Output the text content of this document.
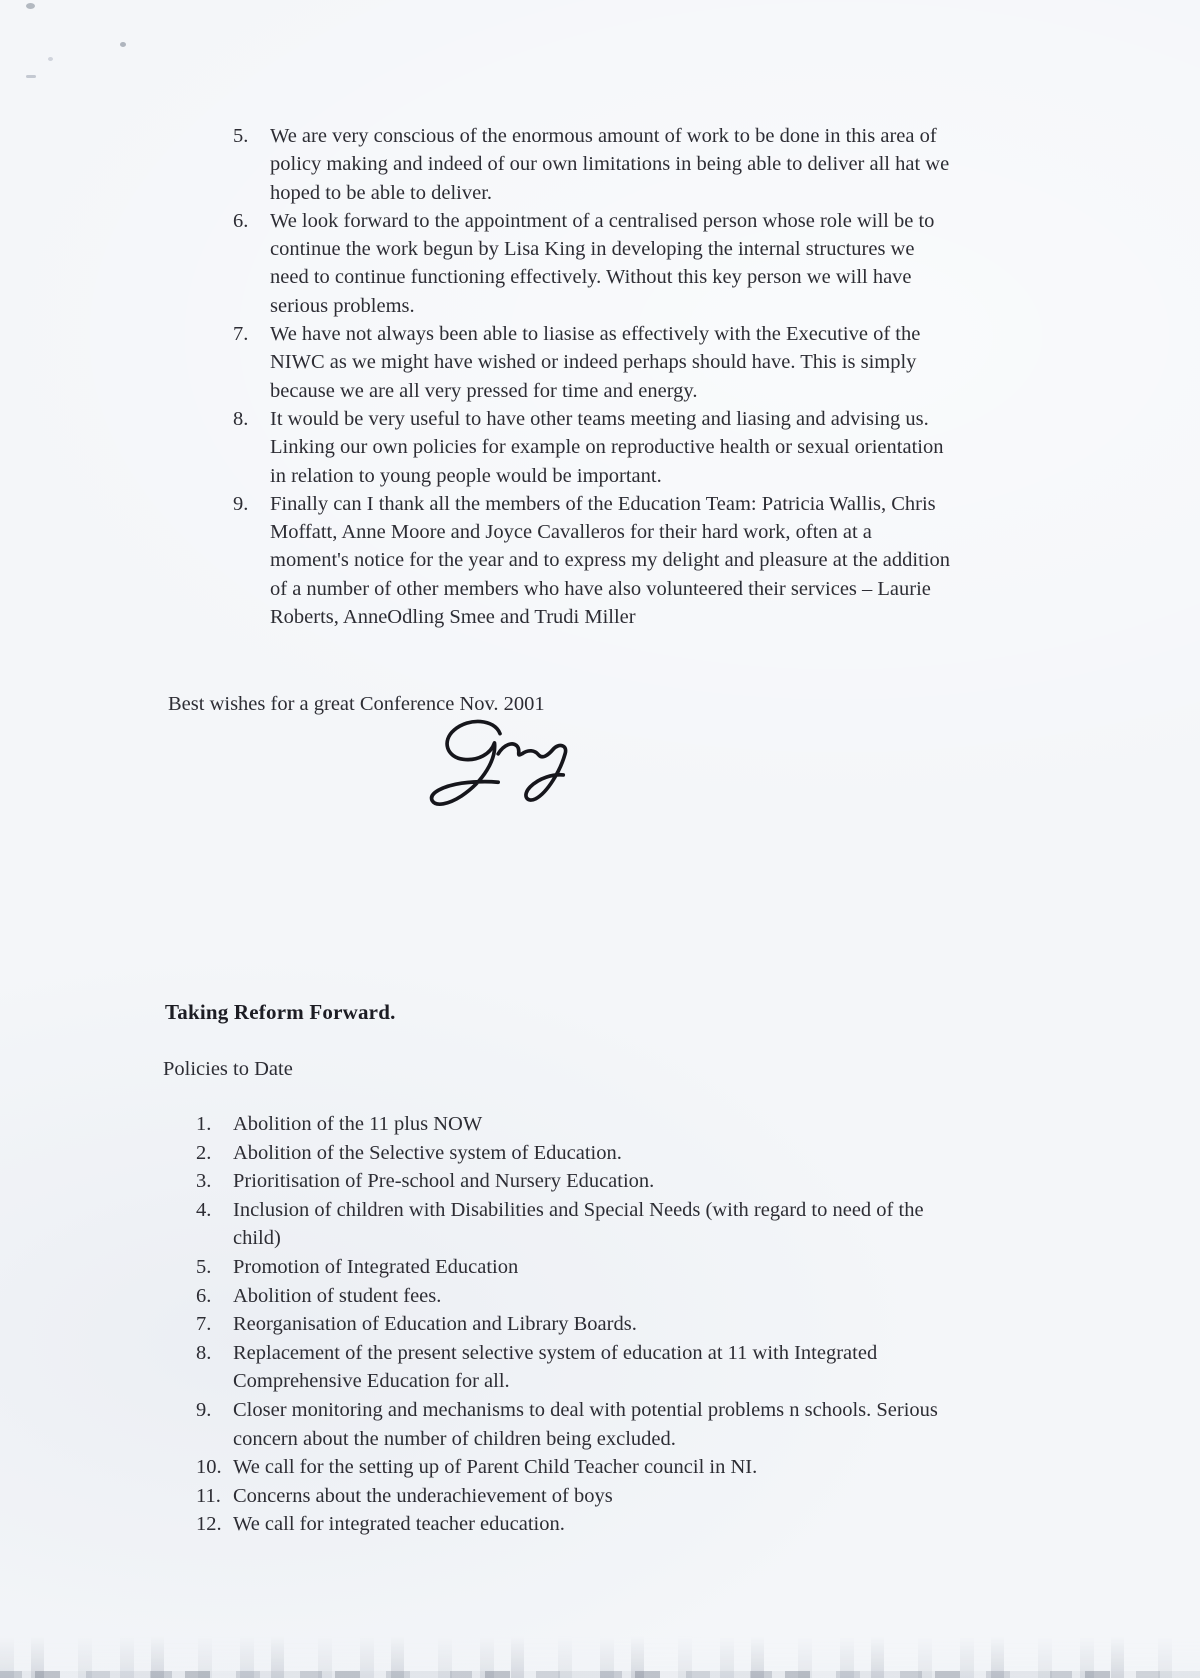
5.	We are very conscious of the enormous amount of work to be done in this area of policy making and indeed of our own limitations in being able to deliver all hat we hoped to be able to deliver.
6.	We look forward to the appointment of a centralised person whose role will be to continue the work begun by Lisa King in developing the internal structures we need to continue functioning effectively. Without this key person we will have serious problems.
7.	We have not always been able to liasise as effectively with the Executive of the NIWC as we might have wished or indeed perhaps should have. This is simply because we are all very pressed for time and energy.
8.	It would be very useful to have other teams meeting and liasing and advising us. Linking our own policies for example on reproductive health or sexual orientation in relation to young people would be important.
9.	Finally can I thank all the members of the Education Team: Patricia Wallis, Chris Moffatt, Anne Moore and Joyce Cavalleros for their hard work, often at a moment's notice for the year and to express my delight and pleasure at the addition of a number of other members who have also volunteered their services – Laurie Roberts, AnneOdling Smee and Trudi Miller

Best wishes for a great Conference Nov. 2001

Taking Reform Forward.

Policies to Date

1.	Abolition of the 11 plus NOW
2.	Abolition of the Selective system of Education.
3.	Prioritisation of Pre-school and Nursery Education.
4.	Inclusion of children with Disabilities and Special Needs (with regard to need of the child)
5.	Promotion of Integrated Education
6.	Abolition of student fees.
7.	Reorganisation of Education and Library Boards.
8.	Replacement of the present selective system of education at 11 with Integrated Comprehensive Education for all.
9.	Closer monitoring and mechanisms to deal with potential problems n schools. Serious concern about the number of children being excluded.
10. We call for the setting up of Parent Child Teacher council in NI.
11. Concerns about the underachievement of boys
12. We call for integrated teacher education.
